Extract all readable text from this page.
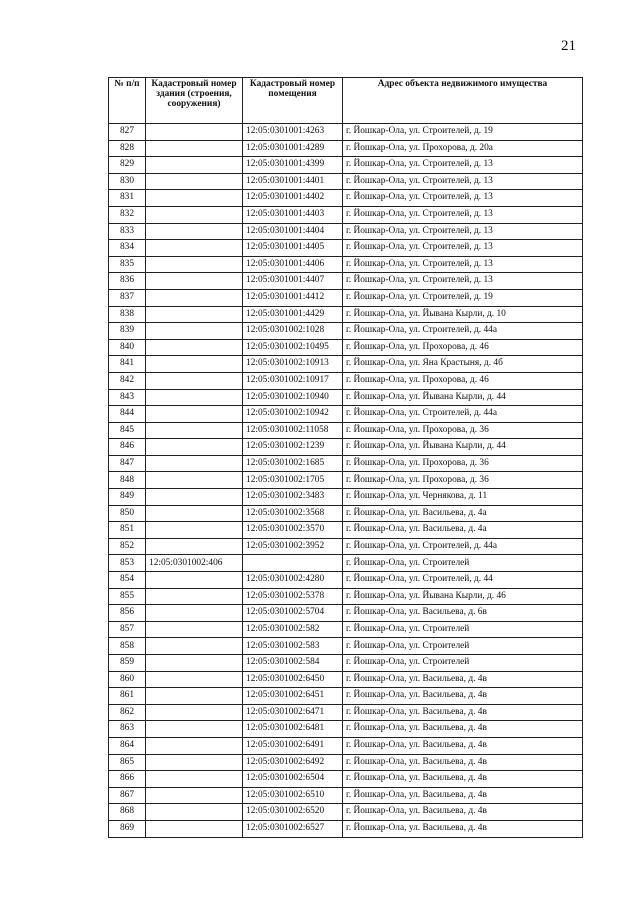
21
№ п/п	Кадастровый номер здания (строения, сооружения)	Кадастровый номер помещения	Адрес объекта недвижимого имущества
827		12:05:0301001:4263	г. Йошкар-Ола, ул. Строителей, д. 19
828		12:05:0301001:4289	г. Йошкар-Ола, ул. Прохорова, д. 20а
829		12:05:0301001:4399	г. Йошкар-Ола, ул. Строителей, д. 13
830		12:05:0301001:4401	г. Йошкар-Ола, ул. Строителей, д. 13
831		12:05:0301001:4402	г. Йошкар-Ола, ул. Строителей, д. 13
832		12:05:0301001:4403	г. Йошкар-Ола, ул. Строителей, д. 13
833		12:05:0301001:4404	г. Йошкар-Ола, ул. Строителей, д. 13
834		12:05:0301001:4405	г. Йошкар-Ола, ул. Строителей, д. 13
835		12:05:0301001:4406	г. Йошкар-Ола, ул. Строителей, д. 13
836		12:05:0301001:4407	г. Йошкар-Ола, ул. Строителей, д. 13
837		12:05:0301001:4412	г. Йошкар-Ола, ул. Строителей, д. 19
838		12:05:0301001:4429	г. Йошкар-Ола, ул. Йывана Кырли, д. 10
839		12:05:0301002:1028	г. Йошкар-Ола, ул. Строителей, д. 44а
840		12:05:0301002:10495	г. Йошкар-Ола, ул. Прохорова, д. 46
841		12:05:0301002:10913	г. Йошкар-Ола, ул. Яна Крастыня, д. 4б
842		12:05:0301002:10917	г. Йошкар-Ола, ул. Прохорова, д. 46
843		12:05:0301002:10940	г. Йошкар-Ола, ул. Йывана Кырли, д. 44
844		12:05:0301002:10942	г. Йошкар-Ола, ул. Строителей, д. 44а
845		12:05:0301002:11058	г. Йошкар-Ола, ул. Прохорова, д. 36
846		12:05:0301002:1239	г. Йошкар-Ола, ул. Йывана Кырли, д. 44
847		12:05:0301002:1685	г. Йошкар-Ола, ул. Прохорова, д. 36
848		12:05:0301002:1705	г. Йошкар-Ола, ул. Прохорова, д. 36
849		12:05:0301002:3483	г. Йошкар-Ола, ул. Чернякова, д. 11
850		12:05:0301002:3568	г. Йошкар-Ола, ул. Васильева, д. 4а
851		12:05:0301002:3570	г. Йошкар-Ола, ул. Васильева, д. 4а
852		12:05:0301002:3952	г. Йошкар-Ола, ул. Строителей, д. 44а
853	12:05:0301002:406		г. Йошкар-Ола, ул. Строителей
854		12:05:0301002:4280	г. Йошкар-Ола, ул. Строителей, д. 44
855		12:05:0301002:5378	г. Йошкар-Ола, ул. Йывана Кырли, д. 46
856		12:05:0301002:5704	г. Йошкар-Ола, ул. Васильева, д. 6в
857		12:05:0301002:582	г. Йошкар-Ола, ул. Строителей
858		12:05:0301002:583	г. Йошкар-Ола, ул. Строителей
859		12:05:0301002:584	г. Йошкар-Ола, ул. Строителей
860		12:05:0301002:6450	г. Йошкар-Ола, ул. Васильева, д. 4в
861		12:05:0301002:6451	г. Йошкар-Ола, ул. Васильева, д. 4в
862		12:05:0301002:6471	г. Йошкар-Ола, ул. Васильева, д. 4в
863		12:05:0301002:6481	г. Йошкар-Ола, ул. Васильева, д. 4в
864		12:05:0301002:6491	г. Йошкар-Ола, ул. Васильева, д. 4в
865		12:05:0301002:6492	г. Йошкар-Ола, ул. Васильева, д. 4в
866		12:05:0301002:6504	г. Йошкар-Ола, ул. Васильева, д. 4в
867		12:05:0301002:6510	г. Йошкар-Ола, ул. Васильева, д. 4в
868		12:05:0301002:6520	г. Йошкар-Ола, ул. Васильева, д. 4в
869		12:05:0301002:6527	г. Йошкар-Ола, ул. Васильева, д. 4в
